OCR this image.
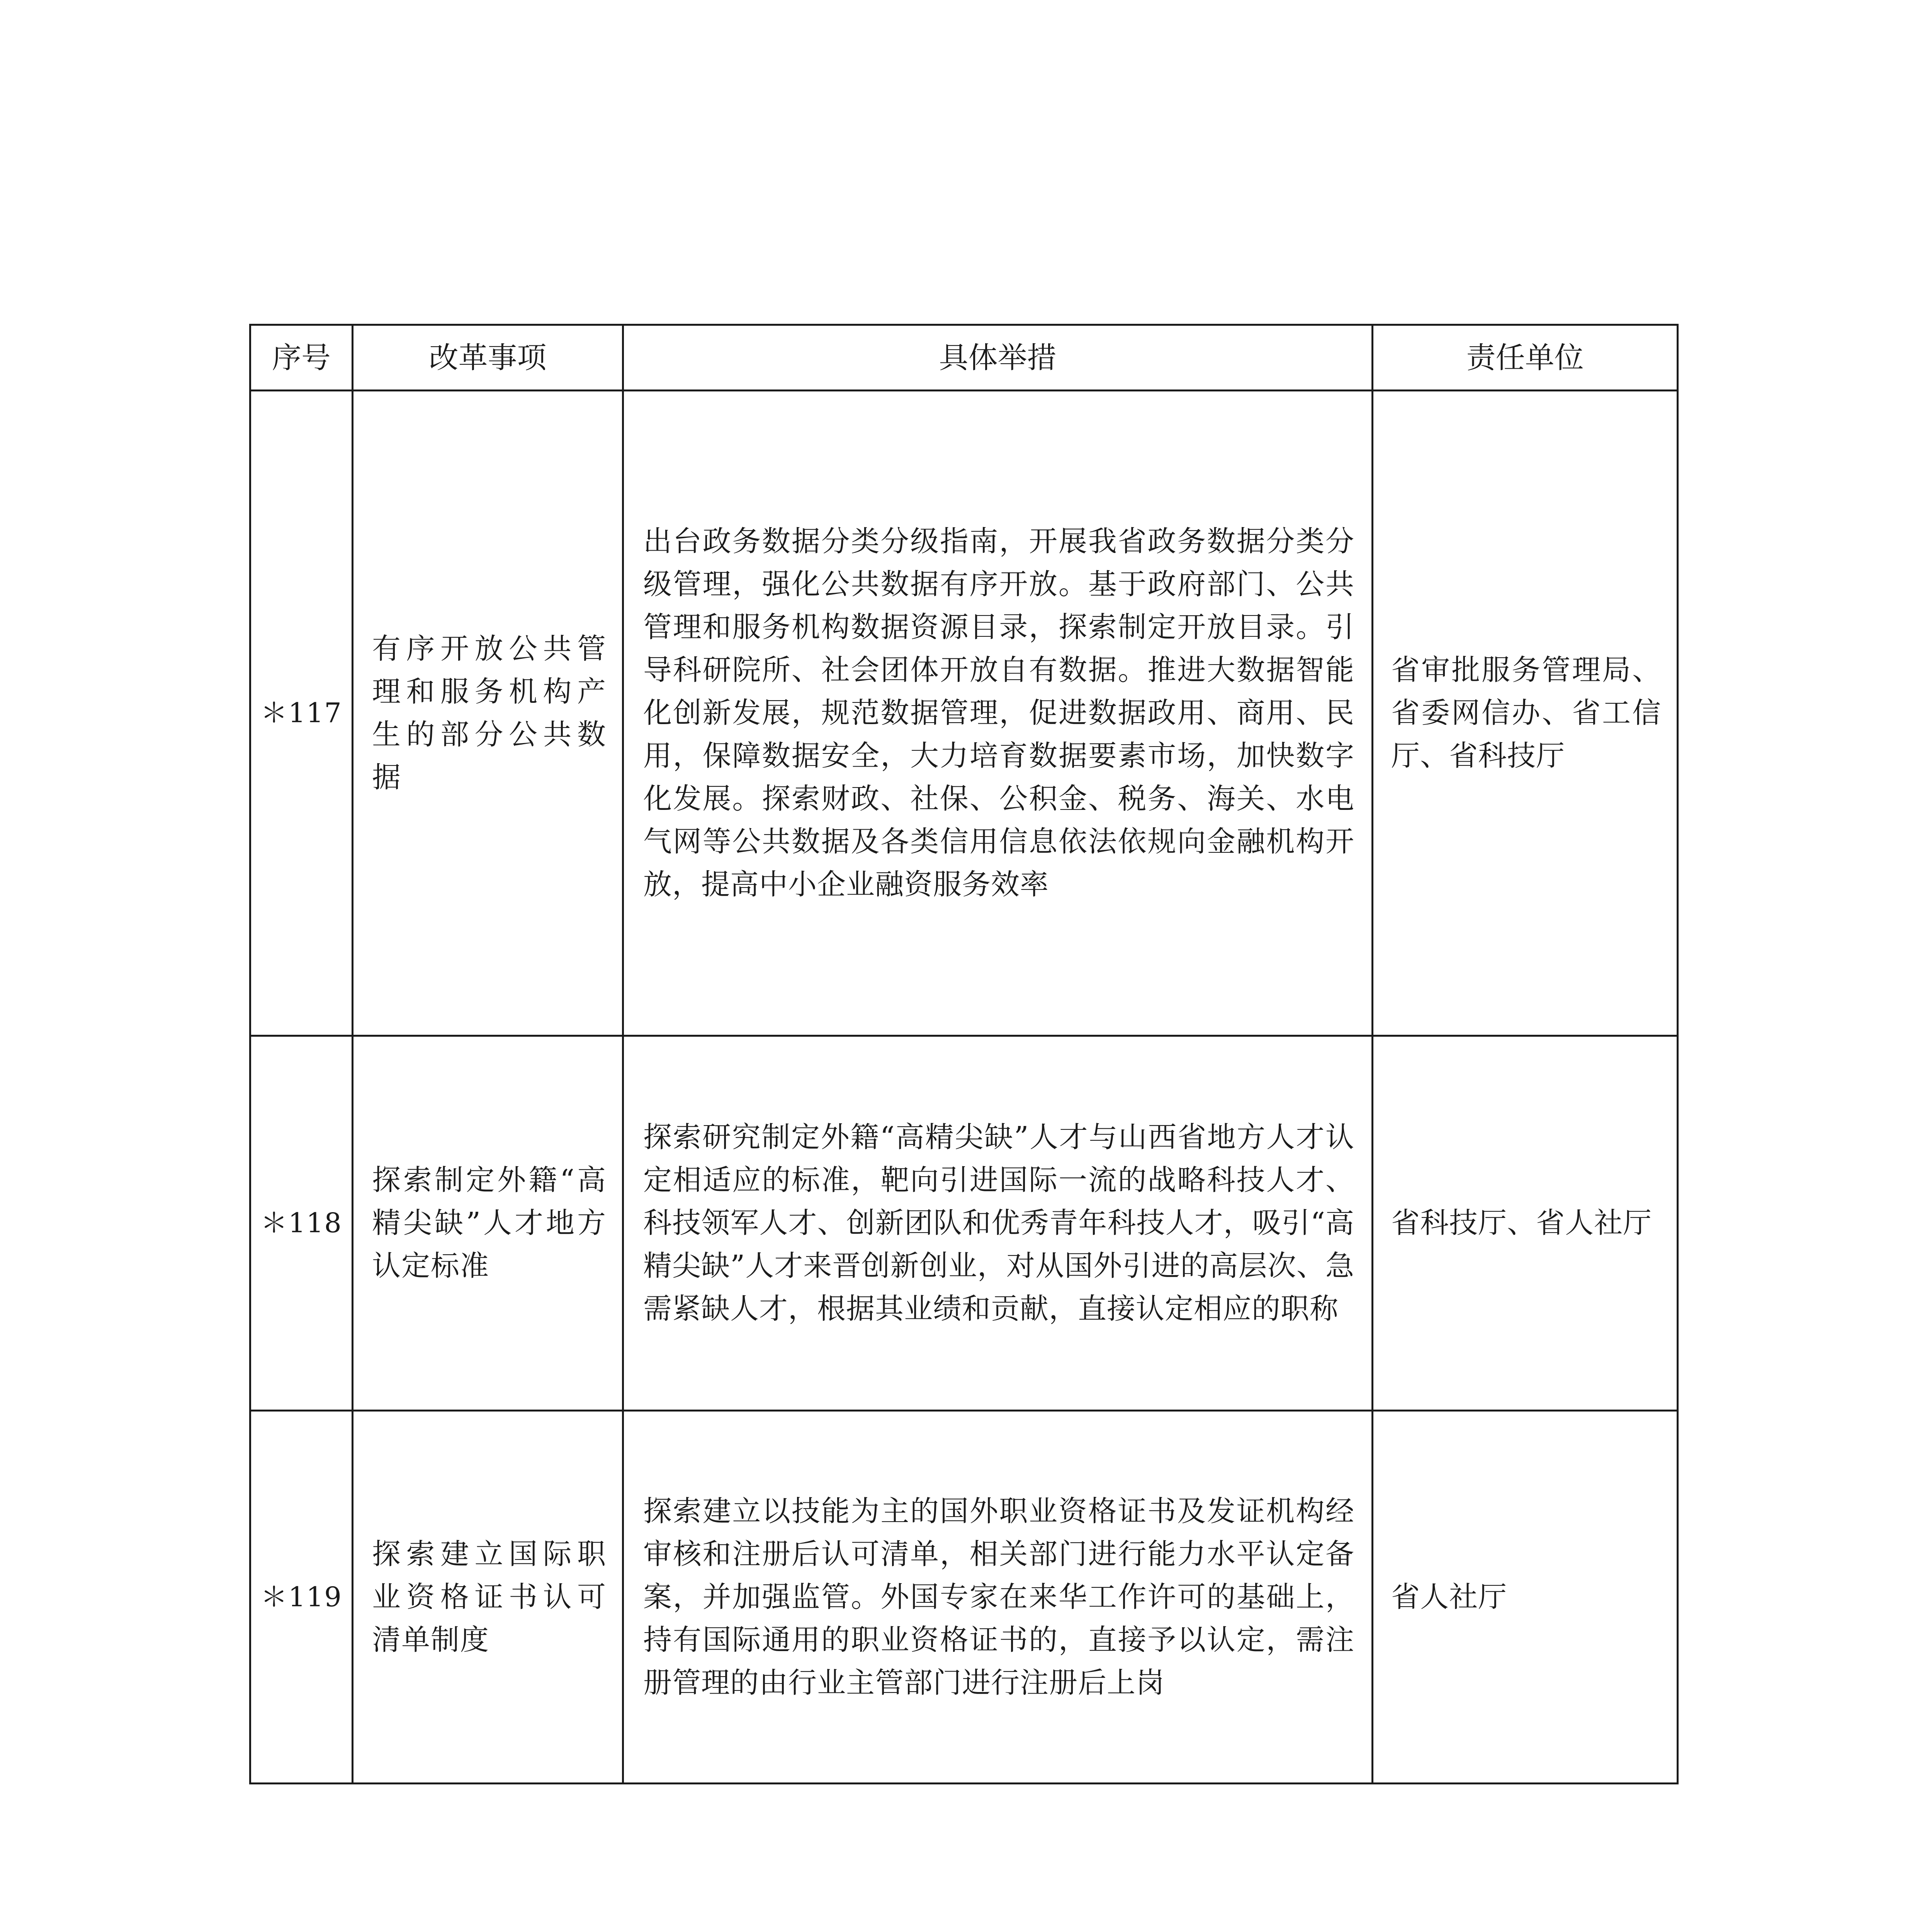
序号	改革事项	具体举措	责任单位
＊117	有序开放公共管理和服务机构产生的部分公共数据	出台政务数据分类分级指南，开展我省政务数据分类分级管理，强化公共数据有序开放。基于政府部门、公共管理和服务机构数据资源目录，探索制定开放目录。引导科研院所、社会团体开放自有数据。推进大数据智能化创新发展，规范数据管理，促进数据政用、商用、民用，保障数据安全，大力培育数据要素市场，加快数字化发展。探索财政、社保、公积金、税务、海关、水电气网等公共数据及各类信用信息依法依规向金融机构开放，提高中小企业融资服务效率	省审批服务管理局、省委网信办、省工信厅、省科技厅
＊118	探索制定外籍“高精尖缺”人才地方认定标准	探索研究制定外籍“高精尖缺”人才与山西省地方人才认定相适应的标准，靶向引进国际一流的战略科技人才、科技领军人才、创新团队和优秀青年科技人才，吸引“高精尖缺”人才来晋创新创业，对从国外引进的高层次、急需紧缺人才，根据其业绩和贡献，直接认定相应的职称	省科技厅、省人社厅
＊119	探索建立国际职业资格证书认可清单制度	探索建立以技能为主的国外职业资格证书及发证机构经审核和注册后认可清单，相关部门进行能力水平认定备案，并加强监管。外国专家在来华工作许可的基础上，持有国际通用的职业资格证书的，直接予以认定，需注册管理的由行业主管部门进行注册后上岗	省人社厅
